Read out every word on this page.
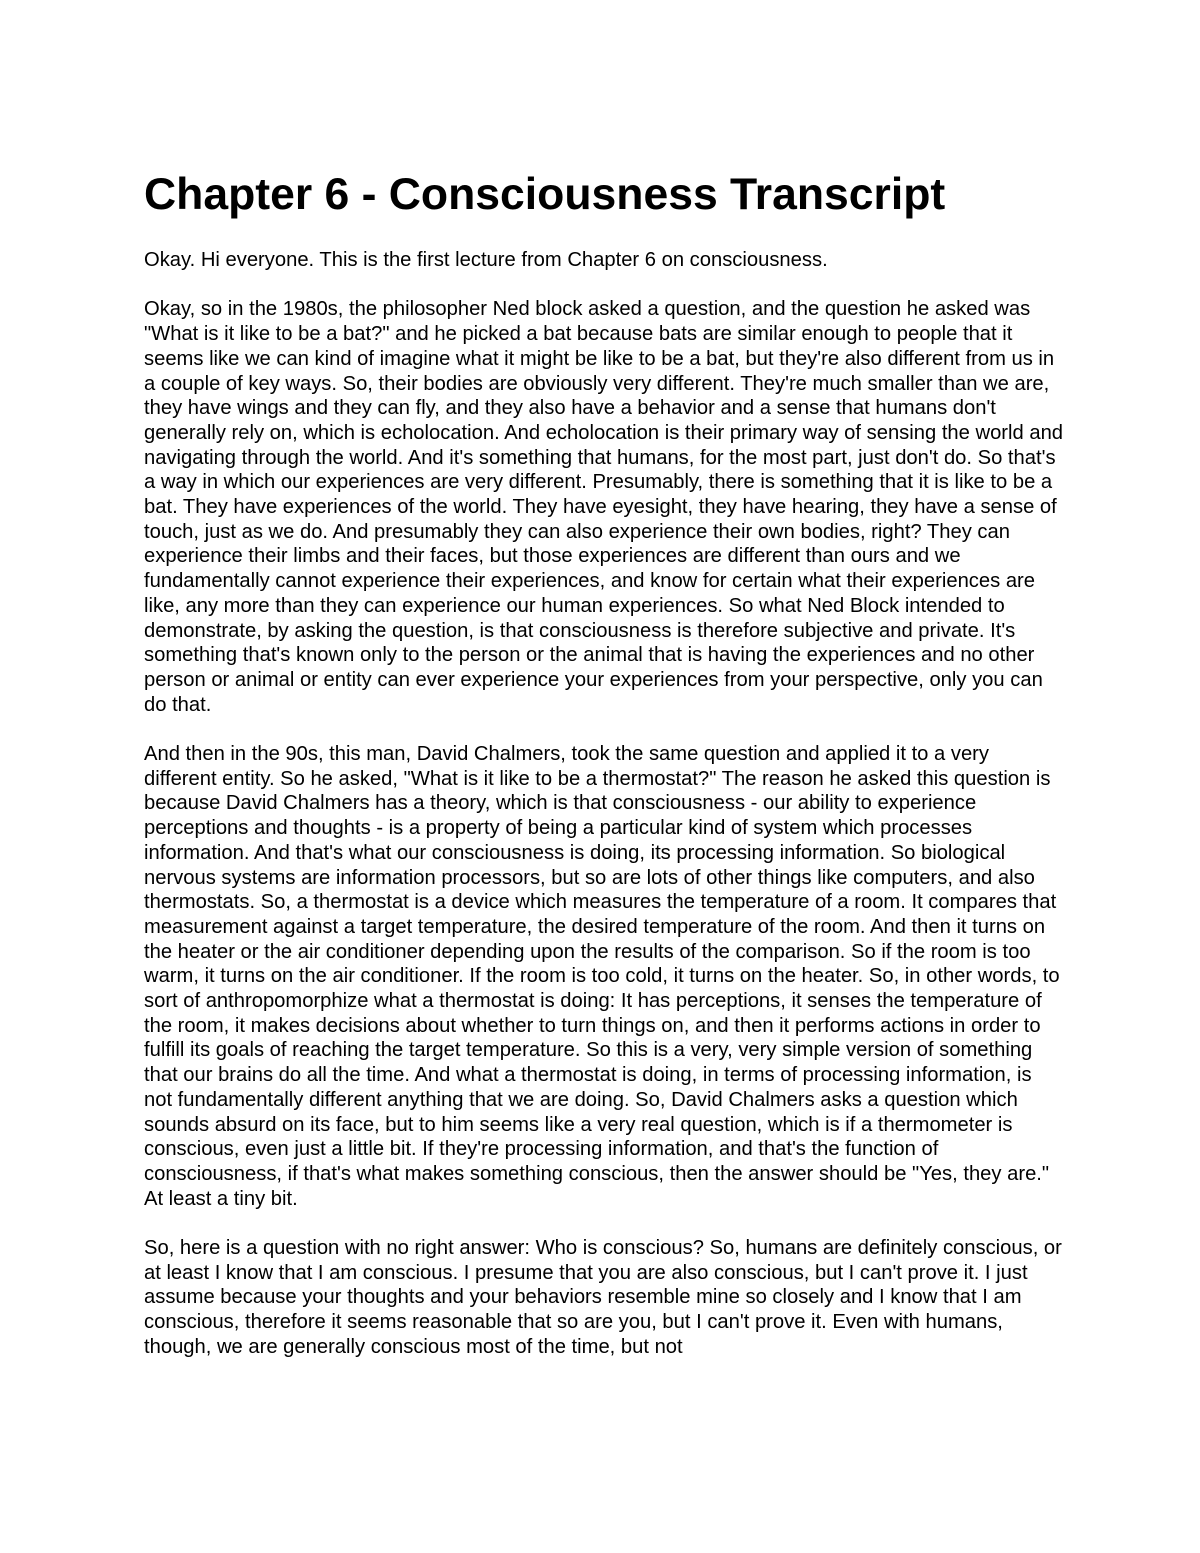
Chapter 6 - Consciousness Transcript

Okay. Hi everyone. This is the first lecture from Chapter 6 on consciousness.

Okay, so in the 1980s, the philosopher Ned block asked a question, and the question he asked was "What is it like to be a bat?" and he picked a bat because bats are similar enough to people that it seems like we can kind of imagine what it might be like to be a bat, but they're also different from us in a couple of key ways. So, their bodies are obviously very different. They're much smaller than we are, they have wings and they can fly, and they also have a behavior and a sense that humans don't generally rely on, which is echolocation. And echolocation is their primary way of sensing the world and navigating through the world. And it's something that humans, for the most part, just don't do. So that's a way in which our experiences are very different. Presumably, there is something that it is like to be a bat. They have experiences of the world. They have eyesight, they have hearing, they have a sense of touch, just as we do. And presumably they can also experience their own bodies, right? They can experience their limbs and their faces, but those experiences are different than ours and we fundamentally cannot experience their experiences, and know for certain what their experiences are like, any more than they can experience our human experiences. So what Ned Block intended to demonstrate, by asking the question, is that consciousness is therefore subjective and private. It's something that's known only to the person or the animal that is having the experiences and no other person or animal or entity can ever experience your experiences from your perspective, only you can do that.

And then in the 90s, this man, David Chalmers, took the same question and applied it to a very different entity. So he asked, "What is it like to be a thermostat?" The reason he asked this question is because David Chalmers has a theory, which is that consciousness - our ability to experience perceptions and thoughts - is a property of being a particular kind of system which processes information. And that's what our consciousness is doing, its processing information. So biological nervous systems are information processors, but so are lots of other things like computers, and also thermostats. So, a thermostat is a device which measures the temperature of a room. It compares that measurement against a target temperature, the desired temperature of the room. And then it turns on the heater or the air conditioner depending upon the results of the comparison. So if the room is too warm, it turns on the air conditioner. If the room is too cold, it turns on the heater. So, in other words, to sort of anthropomorphize what a thermostat is doing: It has perceptions, it senses the temperature of the room, it makes decisions about whether to turn things on, and then it performs actions in order to fulfill its goals of reaching the target temperature. So this is a very, very simple version of something that our brains do all the time. And what a thermostat is doing, in terms of processing information, is not fundamentally different anything that we are doing. So, David Chalmers asks a question which sounds absurd on its face, but to him seems like a very real question, which is if a thermometer is conscious, even just a little bit. If they're processing information, and that's the function of consciousness, if that's what makes something conscious, then the answer should be "Yes, they are." At least a tiny bit.

So, here is a question with no right answer: Who is conscious? So, humans are definitely conscious, or at least I know that I am conscious. I presume that you are also conscious, but I can't prove it. I just assume because your thoughts and your behaviors resemble mine so closely and I know that I am conscious, therefore it seems reasonable that so are you, but I can't prove it. Even with humans, though, we are generally conscious most of the time, but not
